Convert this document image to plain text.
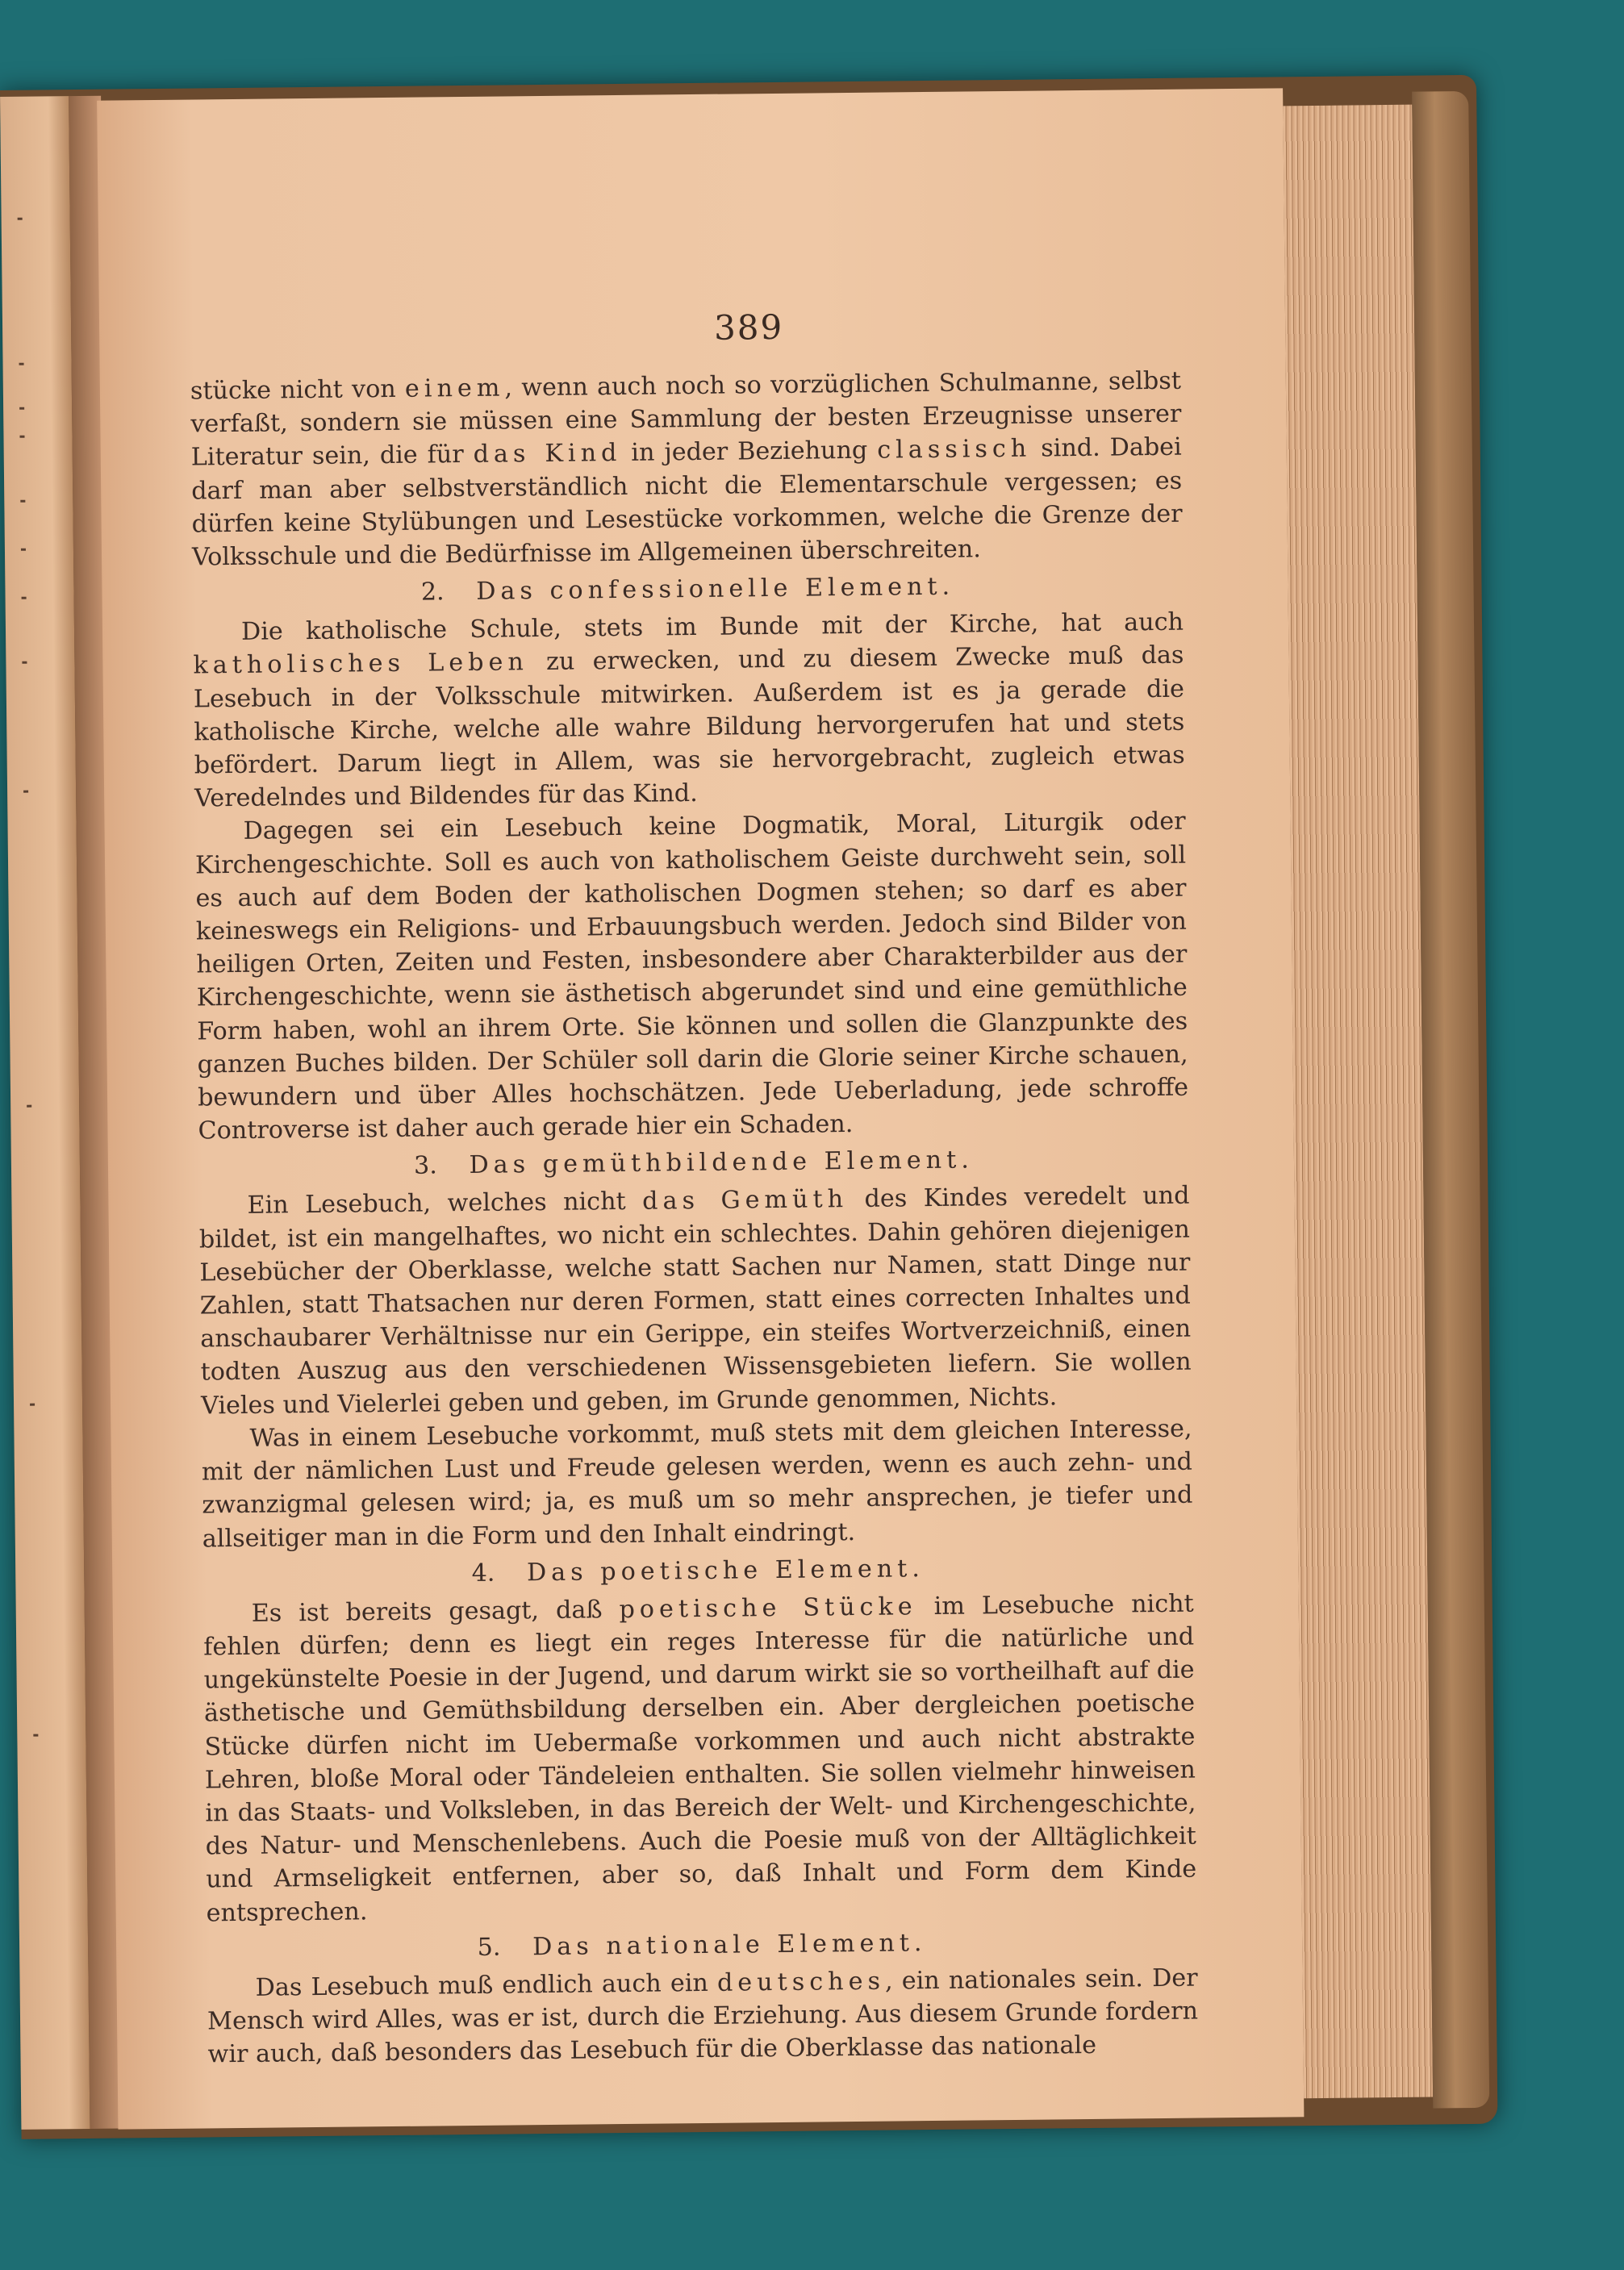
389

stücke nicht von einem, wenn auch noch so vorzüglichen Schulmanne, selbst verfaßt, sondern sie müssen eine Sammlung der besten Erzeugnisse unserer Literatur sein, die für das Kind in jeder Beziehung classisch sind. Dabei darf man aber selbstverständlich nicht die Elementarschule vergessen; es dürfen keine Stylübungen und Lesestücke vorkommen, welche die Grenze der Volksschule und die Bedürfnisse im Allgemeinen überschreiten.

2. Das confessionelle Element.

Die katholische Schule, stets im Bunde mit der Kirche, hat auch katholisches Leben zu erwecken, und zu diesem Zwecke muß das Lesebuch in der Volksschule mitwirken. Außerdem ist es ja gerade die katholische Kirche, welche alle wahre Bildung hervorgerufen hat und stets befördert. Darum liegt in Allem, was sie hervorgebracht, zugleich etwas Veredelndes und Bildendes für das Kind.

Dagegen sei ein Lesebuch keine Dogmatik, Moral, Liturgik oder Kirchengeschichte. Soll es auch von katholischem Geiste durchweht sein, soll es auch auf dem Boden der katholischen Dogmen stehen; so darf es aber keineswegs ein Religions- und Erbauungsbuch werden. Jedoch sind Bilder von heiligen Orten, Zeiten und Festen, insbesondere aber Charakterbilder aus der Kirchengeschichte, wenn sie ästhetisch abgerundet sind und eine gemüthliche Form haben, wohl an ihrem Orte. Sie können und sollen die Glanzpunkte des ganzen Buches bilden. Der Schüler soll darin die Glorie seiner Kirche schauen, bewundern und über Alles hochschätzen. Jede Ueberladung, jede schroffe Controverse ist daher auch gerade hier ein Schaden.

3. Das gemüthbildende Element.

Ein Lesebuch, welches nicht das Gemüth des Kindes veredelt und bildet, ist ein mangelhaftes, wo nicht ein schlechtes. Dahin gehören diejenigen Lesebücher der Oberklasse, welche statt Sachen nur Namen, statt Dinge nur Zahlen, statt Thatsachen nur deren Formen, statt eines correcten Inhaltes und anschaubarer Verhältnisse nur ein Gerippe, ein steifes Wortverzeichniß, einen todten Auszug aus den verschiedenen Wissensgebieten liefern. Sie wollen Vieles und Vielerlei geben und geben, im Grunde genommen, Nichts.

Was in einem Lesebuche vorkommt, muß stets mit dem gleichen Interesse, mit der nämlichen Lust und Freude gelesen werden, wenn es auch zehn- und zwanzigmal gelesen wird; ja, es muß um so mehr ansprechen, je tiefer und allseitiger man in die Form und den Inhalt eindringt.

4. Das poetische Element.

Es ist bereits gesagt, daß poetische Stücke im Lesebuche nicht fehlen dürfen; denn es liegt ein reges Interesse für die natürliche und ungekünstelte Poesie in der Jugend, und darum wirkt sie so vortheilhaft auf die ästhetische und Gemüthsbildung derselben ein. Aber dergleichen poetische Stücke dürfen nicht im Uebermaße vorkommen und auch nicht abstrakte Lehren, bloße Moral oder Tändeleien enthalten. Sie sollen vielmehr hinweisen in das Staats- und Volksleben, in das Bereich der Welt- und Kirchengeschichte, des Natur- und Menschenlebens. Auch die Poesie muß von der Alltäglichkeit und Armseligkeit entfernen, aber so, daß Inhalt und Form dem Kinde entsprechen.

5. Das nationale Element.

Das Lesebuch muß endlich auch ein deutsches, ein nationales sein. Der Mensch wird Alles, was er ist, durch die Erziehung. Aus diesem Grunde fordern wir auch, daß besonders das Lesebuch für die Oberklasse das nationale
